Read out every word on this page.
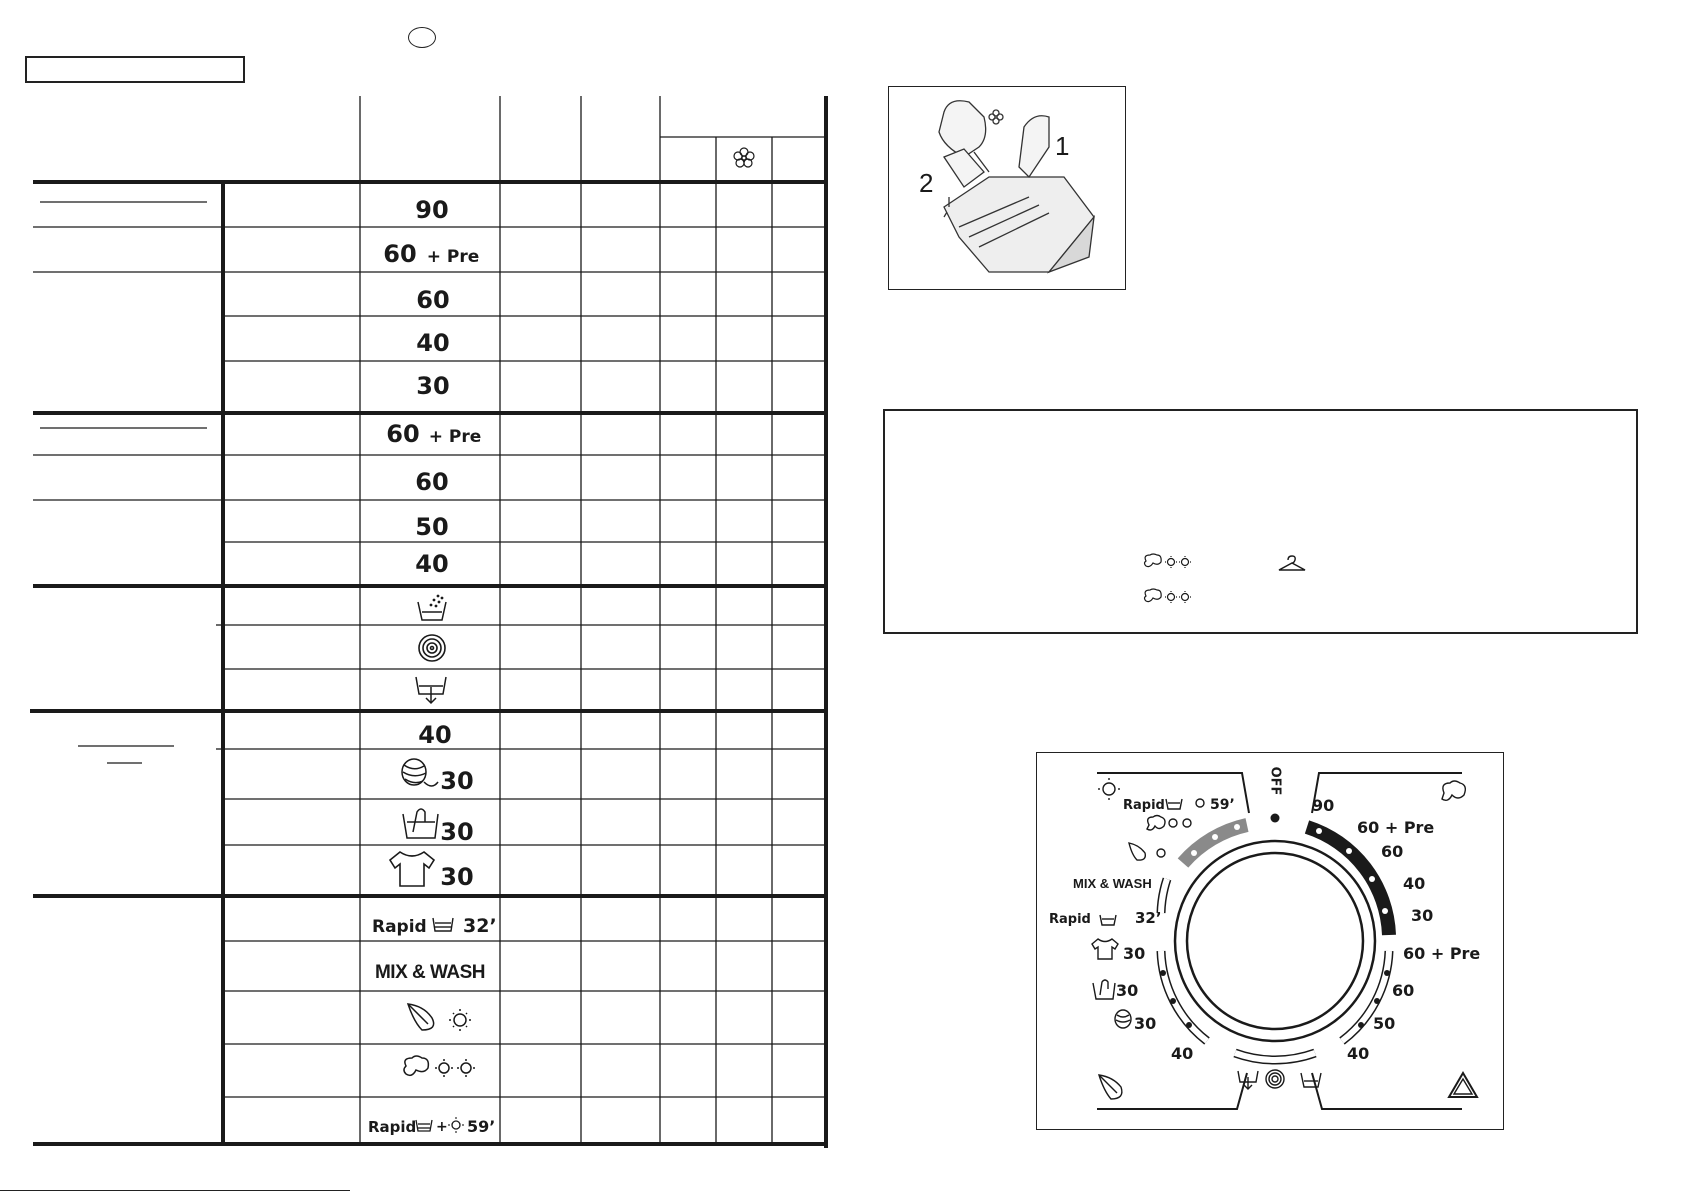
90
60 + Pre
60
40
30
60 + Pre
60
50
40
40
30
30
30
Rapid 32’
MIX & WASH
Rapid + 59’
1
2
OFF
90
60 + Pre
60
40
30
60 + Pre
60
50
40
Rapid	59’
MIX & WASH
Rapid	32’
30
30
30
40
